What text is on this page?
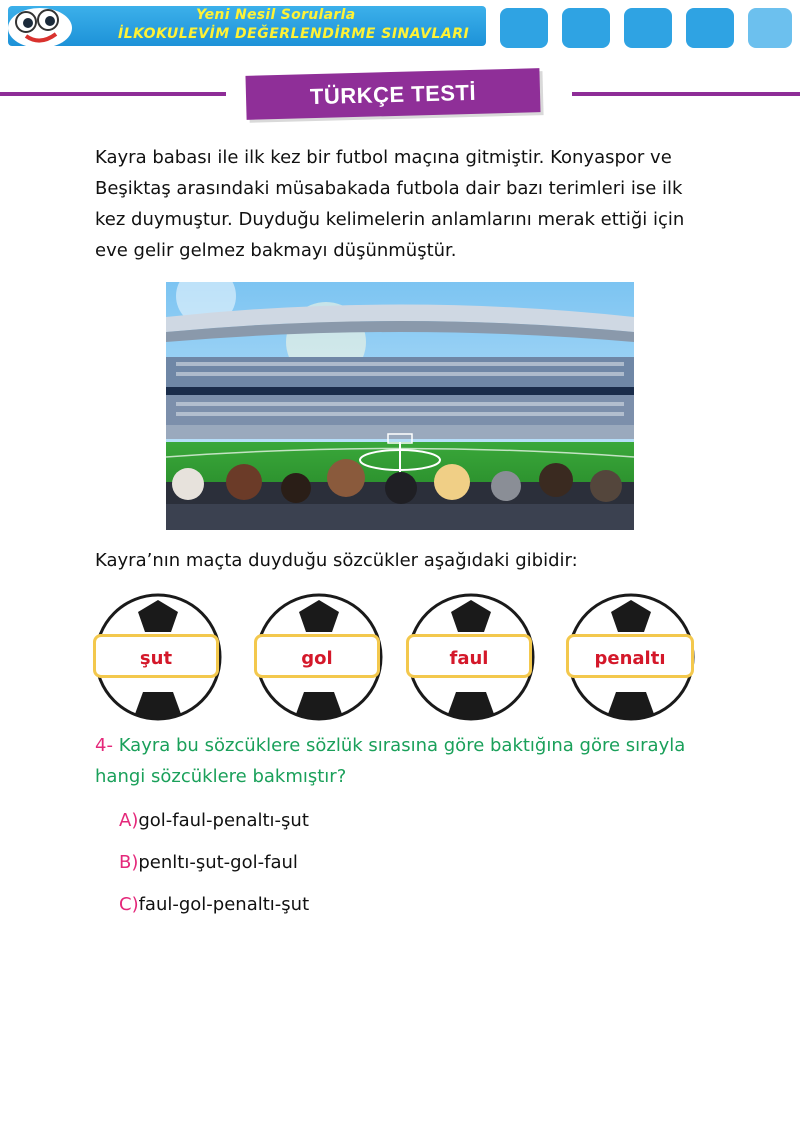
Yeni Nesil Sorularla
İLKOKULEVİM DEĞERLENDİRME SINAVLARI
TÜRKÇE TESTİ
Kayra babası ile ilk kez bir futbol maçına gitmiştir. Konyaspor ve Beşiktaş arasındaki müsabakada futbola dair bazı terimleri ise ilk kez duymuştur. Duyduğu kelimelerin anlamlarını merak ettiği için eve gelir gelmez bakmayı düşünmüştür.
Kayra’nın maçta duyduğu sözcükler aşağıdaki gibidir:
şut	gol	faul	penaltı
4- Kayra bu sözcüklere sözlük sırasına göre baktığına göre sırayla hangi sözcüklere bakmıştır?
A)gol-faul-penaltı-şut
B)penltı-şut-gol-faul
C)faul-gol-penaltı-şut
